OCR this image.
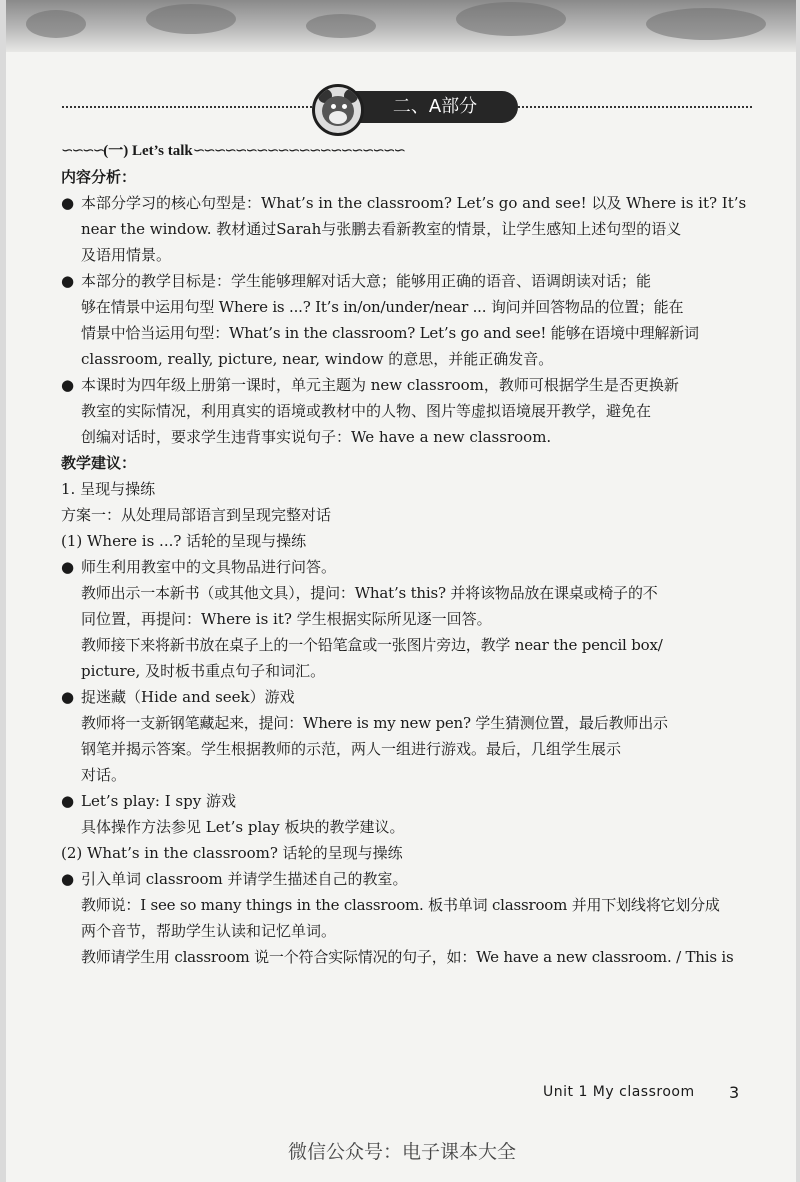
二、A部分
∽∽∽∽(一) Let’s talk∽∽∽∽∽∽∽∽∽∽∽∽∽∽∽∽∽∽∽∽
内容分析：
● 本部分学习的核心句型是：What’s in the classroom? Let’s go and see! 以及 Where is it? It’s
near the window. 教材通过Sarah与张鹏去看新教室的情景，让学生感知上述句型的语义
及语用情景。
● 本部分的教学目标是：学生能够理解对话大意；能够用正确的语音、语调朗读对话；能
够在情景中运用句型 Where is ...? It’s in/on/under/near ... 询问并回答物品的位置；能在
情景中恰当运用句型：What’s in the classroom? Let’s go and see! 能够在语境中理解新词
classroom, really, picture, near, window 的意思，并能正确发音。
● 本课时为四年级上册第一课时，单元主题为 new classroom，教师可根据学生是否更换新
教室的实际情况，利用真实的语境或教材中的人物、图片等虚拟语境展开教学，避免在
创编对话时，要求学生违背事实说句子：We have a new classroom.
教学建议：
1. 呈现与操练
方案一：从处理局部语言到呈现完整对话
(1) Where is ...? 话轮的呈现与操练
● 师生利用教室中的文具物品进行问答。
教师出示一本新书（或其他文具），提问：What’s this? 并将该物品放在课桌或椅子的不
同位置，再提问：Where is it? 学生根据实际所见逐一回答。
教师接下来将新书放在桌子上的一个铅笔盒或一张图片旁边，教学 near the pencil box/
picture, 及时板书重点句子和词汇。
● 捉迷藏（Hide and seek）游戏
教师将一支新钢笔藏起来，提问：Where is my new pen? 学生猜测位置，最后教师出示
钢笔并揭示答案。学生根据教师的示范，两人一组进行游戏。最后，几组学生展示
对话。
● Let’s play: I spy 游戏
具体操作方法参见 Let’s play 板块的教学建议。
(2) What’s in the classroom? 话轮的呈现与操练
● 引入单词 classroom 并请学生描述自己的教室。
教师说：I see so many things in the classroom. 板书单词 classroom 并用下划线将它划分成
两个音节，帮助学生认读和记忆单词。
教师请学生用 classroom 说一个符合实际情况的句子，如：We have a new classroom. / This is
Unit 1 My classroom 3
微信公众号：电子课本大全
